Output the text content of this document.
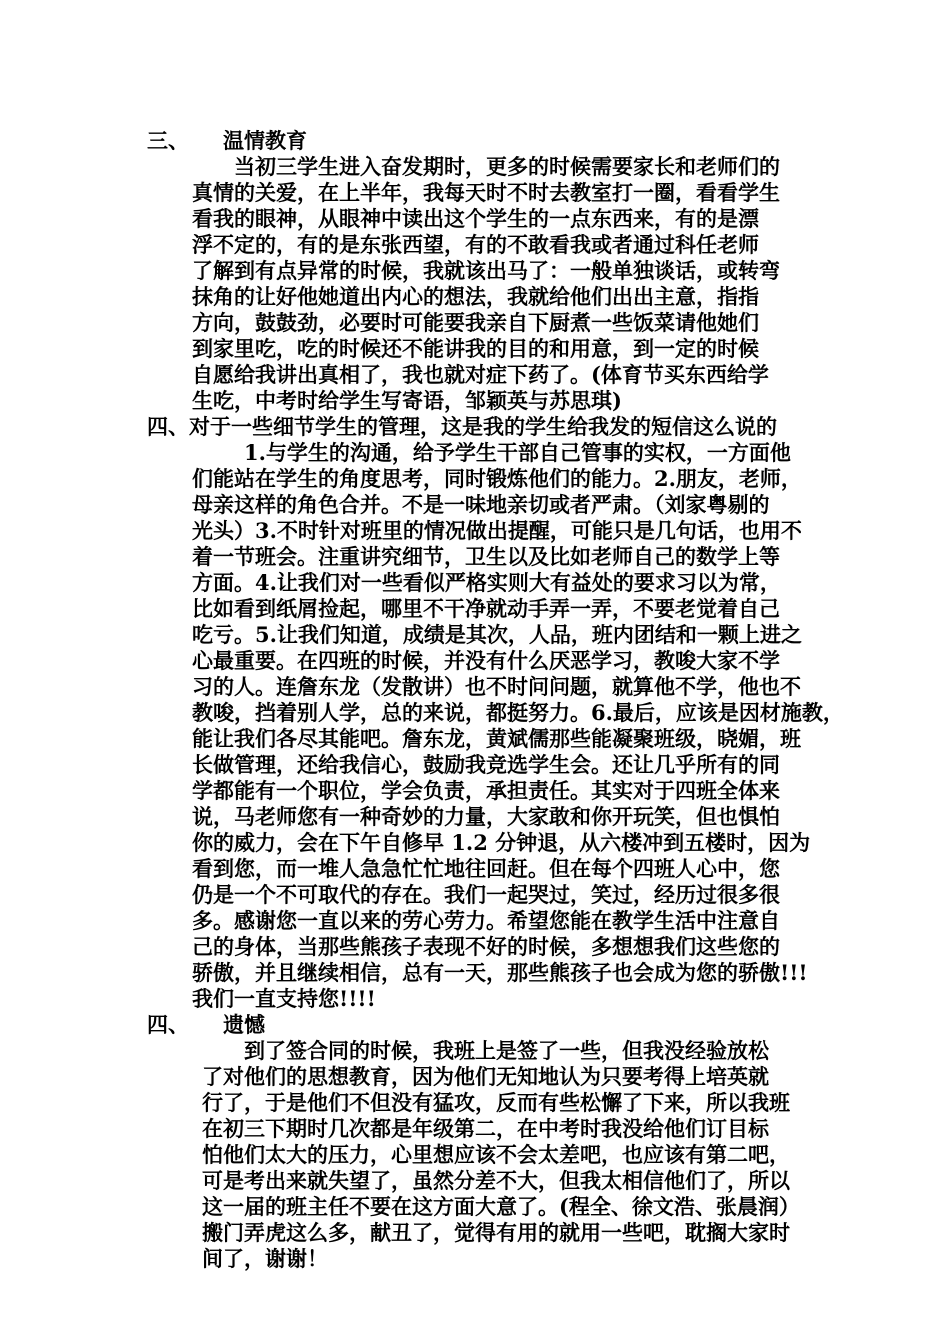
三、 温情教育
当初三学生进入奋发期时，更多的时候需要家长和老师们的
真情的关爱，在上半年，我每天时不时去教室打一圈，看看学生
看我的眼神，从眼神中读出这个学生的一点东西来，有的是漂
浮不定的，有的是东张西望，有的不敢看我或者通过科任老师
了解到有点异常的时候，我就该出马了：一般单独谈话，或转弯
抹角的让好他她道出内心的想法，我就给他们出出主意，指指
方向，鼓鼓劲，必要时可能要我亲自下厨煮一些饭菜请他她们
到家里吃，吃的时候还不能讲我的目的和用意，到一定的时候
自愿给我讲出真相了，我也就对症下药了。(体育节买东西给学
生吃，中考时给学生写寄语，邹颖英与苏思琪)
四、对于一些细节学生的管理，这是我的学生给我发的短信这么说的
1.与学生的沟通，给予学生干部自己管事的实权，一方面他
们能站在学生的角度思考，同时锻炼他们的能力。2.朋友，老师，
母亲这样的角色合并。不是一味地亲切或者严肃。（刘家粤剔的
光头）3.不时针对班里的情况做出提醒，可能只是几句话，也用不
着一节班会。注重讲究细节，卫生以及比如老师自己的数学上等
方面。4.让我们对一些看似严格实则大有益处的要求习以为常，
比如看到纸屑捡起，哪里不干净就动手弄一弄，不要老觉着自己
吃亏。5.让我们知道，成绩是其次，人品，班内团结和一颗上进之
心最重要。在四班的时候，并没有什么厌恶学习，教唆大家不学
习的人。连詹东龙（发散讲）也不时问问题，就算他不学，他也不
教唆，挡着别人学，总的来说，都挺努力。6.最后，应该是因材施教，
能让我们各尽其能吧。詹东龙，黄斌儒那些能凝聚班级，晓媚，班
长做管理，还给我信心，鼓励我竞选学生会。还让几乎所有的同
学都能有一个职位，学会负责，承担责任。其实对于四班全体来
说，马老师您有一种奇妙的力量，大家敢和你开玩笑，但也惧怕
你的威力，会在下午自修早 1.2 分钟退，从六楼冲到五楼时，因为
看到您，而一堆人急急忙忙地往回赶。但在每个四班人心中，您
仍是一个不可取代的存在。我们一起哭过，笑过，经历过很多很
多。感谢您一直以来的劳心劳力。希望您能在教学生活中注意自
己的身体，当那些熊孩子表现不好的时候，多想想我们这些您的
骄傲，并且继续相信，总有一天，那些熊孩子也会成为您的骄傲!!!
我们一直支持您!!!!
四、 遗憾
到了签合同的时候，我班上是签了一些，但我没经验放松
了对他们的思想教育，因为他们无知地认为只要考得上培英就
行了，于是他们不但没有猛攻，反而有些松懈了下来，所以我班
在初三下期时几次都是年级第二，在中考时我没给他们订目标
怕他们太大的压力，心里想应该不会太差吧，也应该有第二吧，
可是考出来就失望了，虽然分差不大，但我太相信他们了，所以
这一届的班主任不要在这方面大意了。(程全、徐文浩、张晨润）
搬门弄虎这么多，献丑了，觉得有用的就用一些吧，耽搁大家时
间了，谢谢！
